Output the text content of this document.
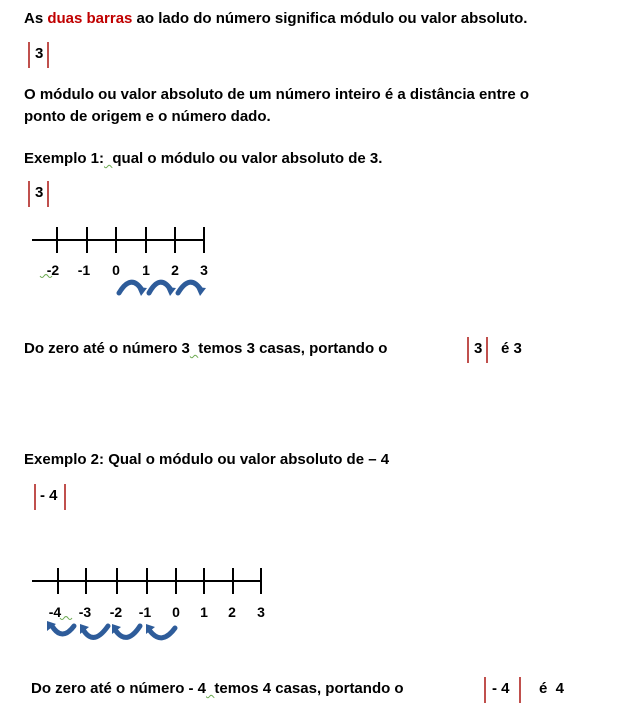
As duas barras ao lado do número significa módulo ou valor absoluto.
3
O módulo ou valor absoluto de um número inteiro é a distância entre o
ponto de origem e o número dado.
Exemplo 1: qual o módulo ou valor absoluto de 3.
3
-2 -1 0 1 2 3
Do zero até o número 3 temos 3 casas, portando o	3 é 3
Exemplo 2: Qual o módulo ou valor absoluto de – 4
- 4
-4 -3 -2 -1 0 1 2 3
Do zero até o número - 4 temos 4 casas, portando o	- 4 é  4
